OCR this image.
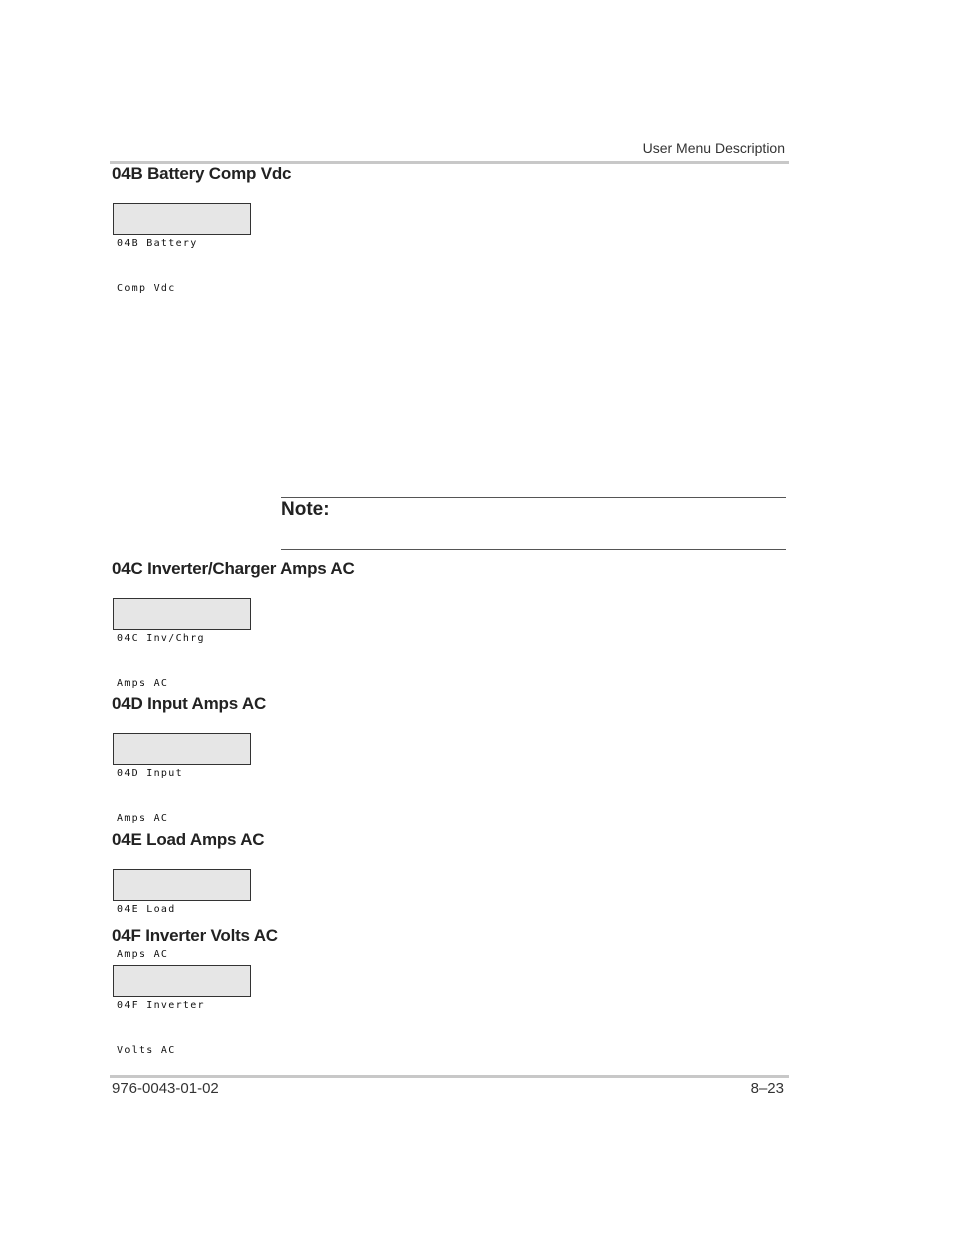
User Menu Description
04B Battery Comp Vdc

04B Battery

Comp Vdc

Note:
04C Inverter/Charger Amps AC

04C Inv/Chrg

Amps AC

04D Input Amps AC

04D Input

Amps AC

04E Load Amps AC

04E Load

Amps AC

04F Inverter Volts AC

04F Inverter

Volts AC

976-0043-01-02	8–23
